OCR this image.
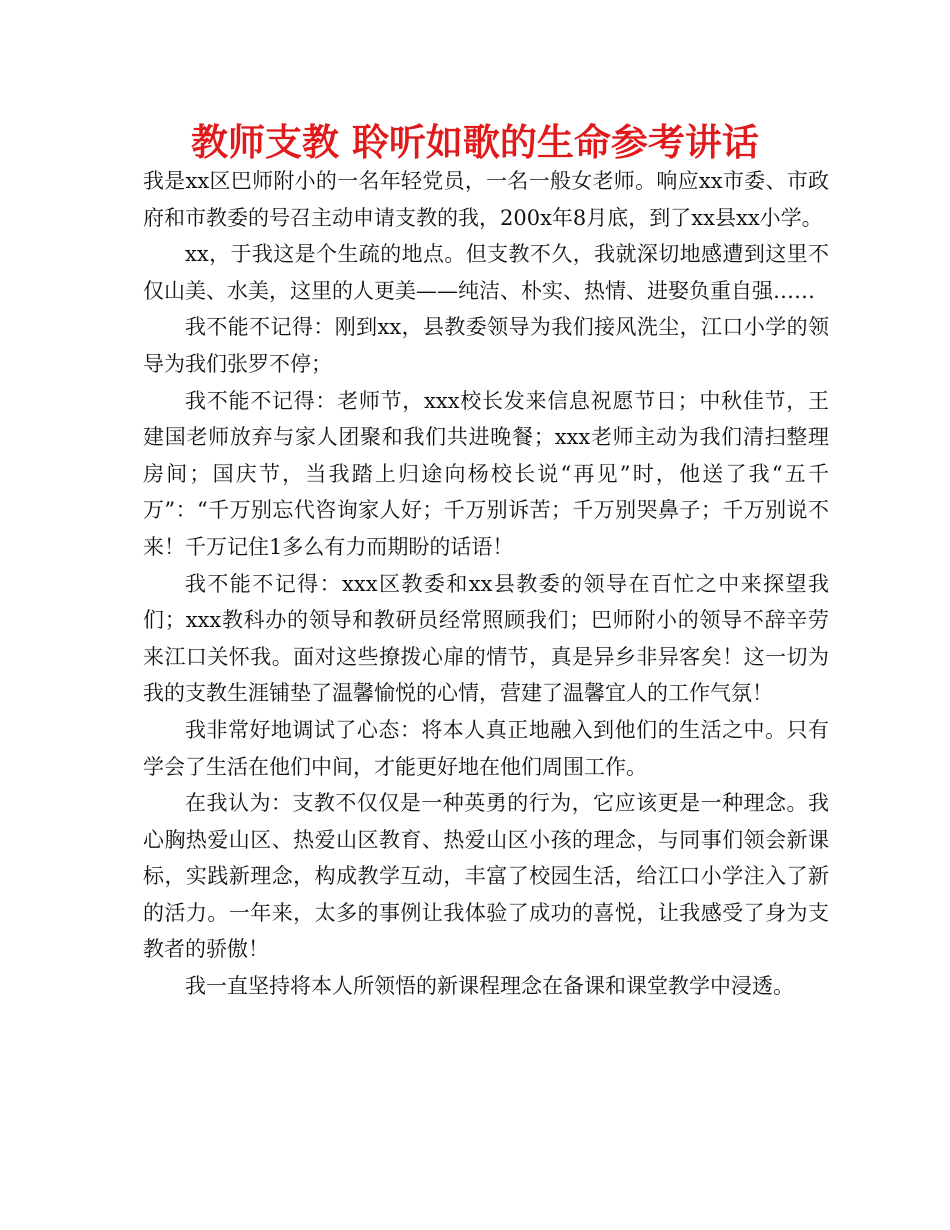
教师支教 聆听如歌的生命参考讲话

我是xx区巴师附小的一名年轻党员，一名一般女老师。响应xx市委、市政府和市教委的号召主动申请支教的我，200x年8月底，到了xx县xx小学。

xx，于我这是个生疏的地点。但支教不久，我就深切地感遭到这里不仅山美、水美，这里的人更美——纯洁、朴实、热情、进娶负重自强……

我不能不记得：刚到xx，县教委领导为我们接风洗尘，江口小学的领导为我们张罗不停；

我不能不记得：老师节，xxx校长发来信息祝愿节日；中秋佳节，王建国老师放弃与家人团聚和我们共进晚餐；xxx老师主动为我们清扫整理房间；国庆节，当我踏上归途向杨校长说“再见”时，他送了我“五千万”：“千万别忘代咨询家人好；千万别诉苦；千万别哭鼻子；千万别说不来！千万记住1多么有力而期盼的话语！

我不能不记得：xxx区教委和xx县教委的领导在百忙之中来探望我们；xxx教科办的领导和教研员经常照顾我们；巴师附小的领导不辞辛劳来江口关怀我。面对这些撩拨心扉的情节，真是异乡非异客矣！这一切为我的支教生涯铺垫了温馨愉悦的心情，营建了温馨宜人的工作气氛！

我非常好地调试了心态：将本人真正地融入到他们的生活之中。只有学会了生活在他们中间，才能更好地在他们周围工作。

在我认为：支教不仅仅是一种英勇的行为，它应该更是一种理念。我心胸热爱山区、热爱山区教育、热爱山区小孩的理念，与同事们领会新课标，实践新理念，构成教学互动，丰富了校园生活，给江口小学注入了新的活力。一年来，太多的事例让我体验了成功的喜悦，让我感受了身为支教者的骄傲！

我一直坚持将本人所领悟的新课程理念在备课和课堂教学中浸透。
